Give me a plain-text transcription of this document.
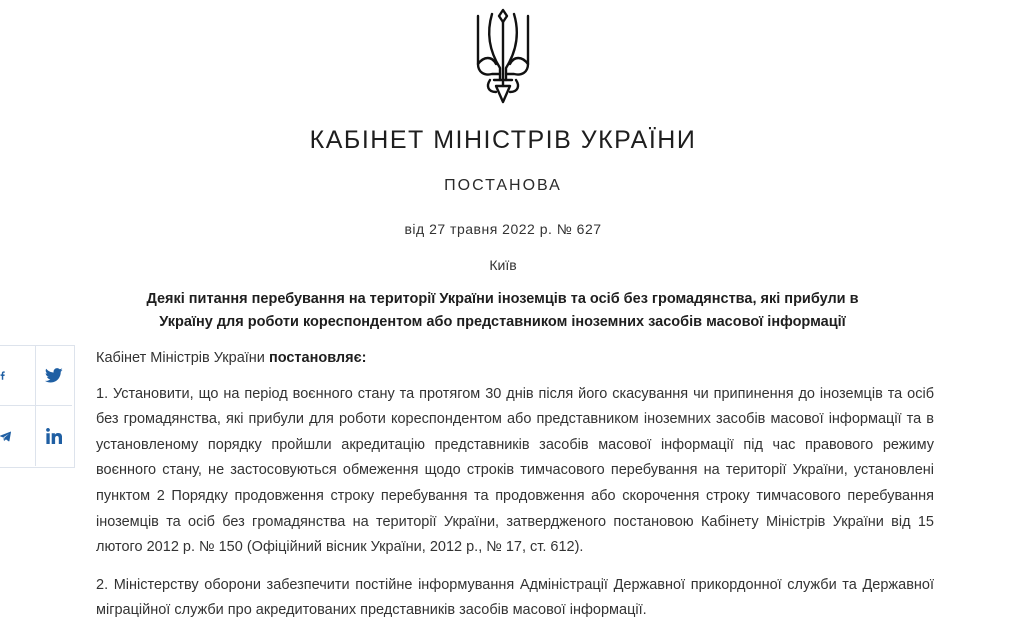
КАБІНЕТ МІНІСТРІВ УКРАЇНИ
ПОСТАНОВА
від 27 травня 2022 р. № 627
Київ
Деякі питання перебування на території України іноземців та осіб без громадянства, які прибули в
Україну для роботи кореспондентом або представником іноземних засобів масової інформації

Кабінет Міністрів України постановляє:

1. Установити, що на період воєнного стану та протягом 30 днів після його скасування чи припинення до іноземців та осіб без громадянства, які прибули для роботи кореспондентом або представником іноземних засобів масової інформації та в установленому порядку пройшли акредитацію представників засобів масової інформації під час правового режиму воєнного стану, не застосовуються обмеження щодо строків тимчасового перебування на території України, установлені пунктом 2 Порядку продовження строку перебування та продовження або скорочення строку тимчасового перебування іноземців та осіб без громадянства на території України, затвердженого постановою Кабінету Міністрів України від 15 лютого 2012 р. № 150 (Офіційний вісник України, 2012 р., № 17, ст. 612).

2. Міністерству оборони забезпечити постійне інформування Адміністрації Державної прикордонної служби та Державної міграційної служби про акредитованих представників засобів масової інформації.
